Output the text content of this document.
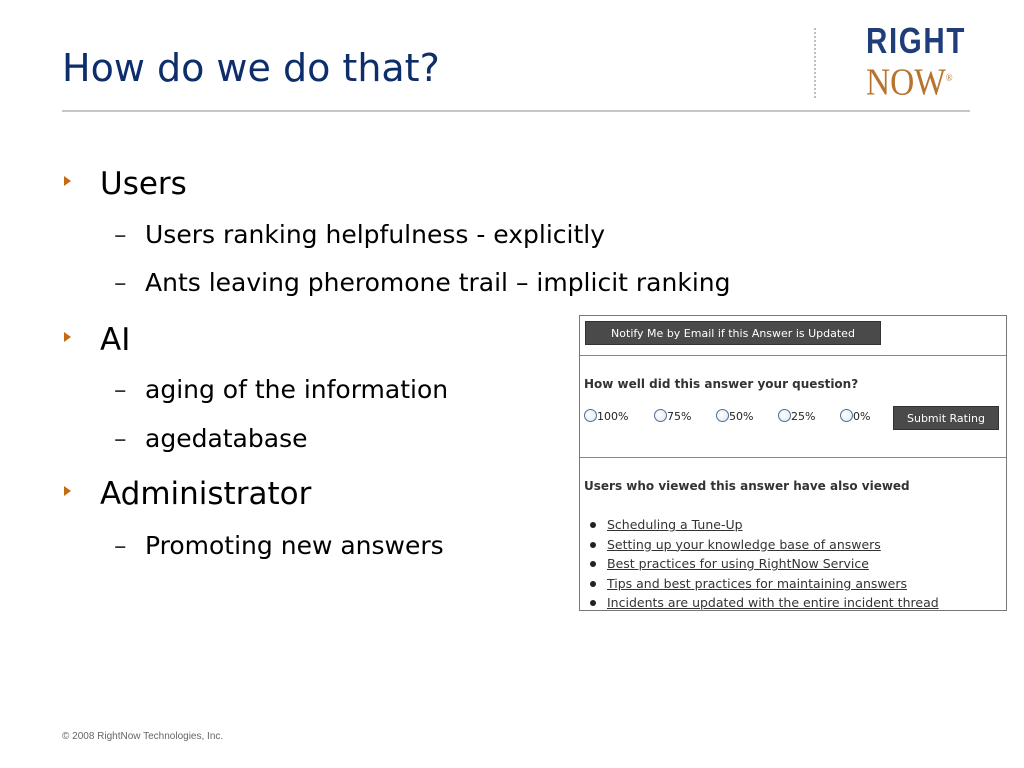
How do we do that?
RIGHT
NOW®
Users
– Users ranking helpfulness - explicitly
– Ants leaving pheromone trail – implicit ranking
AI
– aging of the information
– agedatabase
Administrator
– Promoting new answers
Notify Me by Email if this Answer is Updated
How well did this answer your question?
100%	75%	50%	25%	0%	Submit Rating
Users who viewed this answer have also viewed
Scheduling a Tune-Up
Setting up your knowledge base of answers
Best practices for using RightNow Service
Tips and best practices for maintaining answers
Incidents are updated with the entire incident thread
© 2008 RightNow Technologies, Inc.
